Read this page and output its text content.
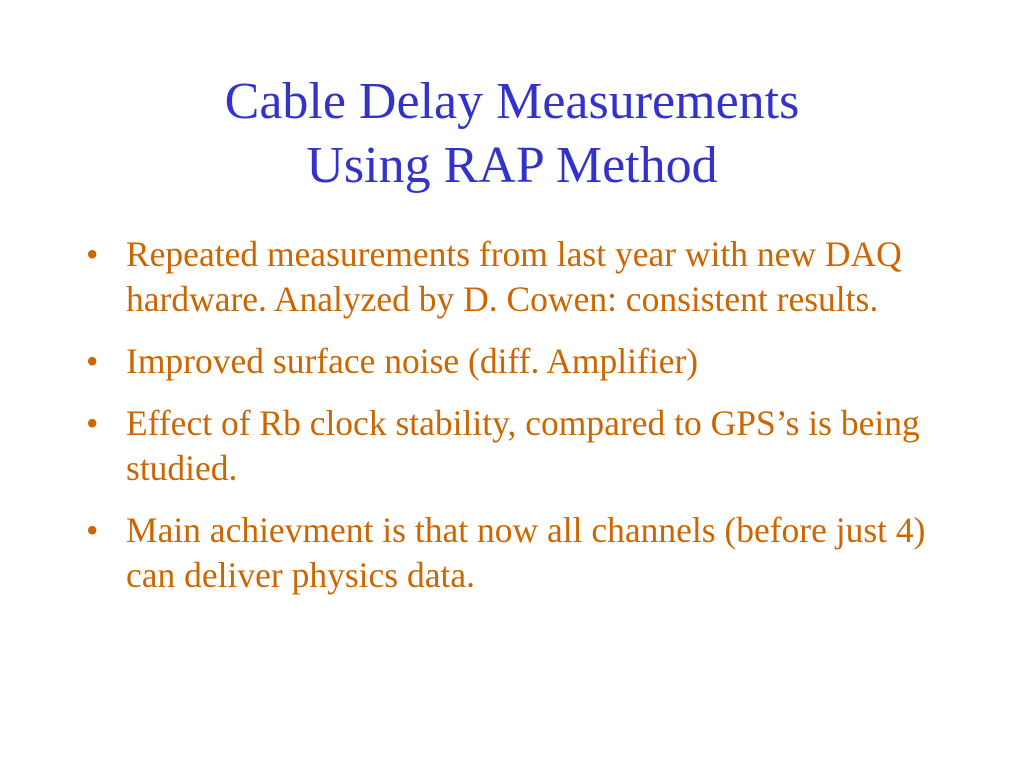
Cable Delay Measurements
Using RAP Method
• Repeated measurements from last year with new DAQ hardware. Analyzed by D. Cowen: consistent results.
• Improved surface noise (diff. Amplifier)
• Effect of Rb clock stability, compared to GPS’s is being studied.
• Main achievment is that now all channels (before just 4) can deliver physics data.
